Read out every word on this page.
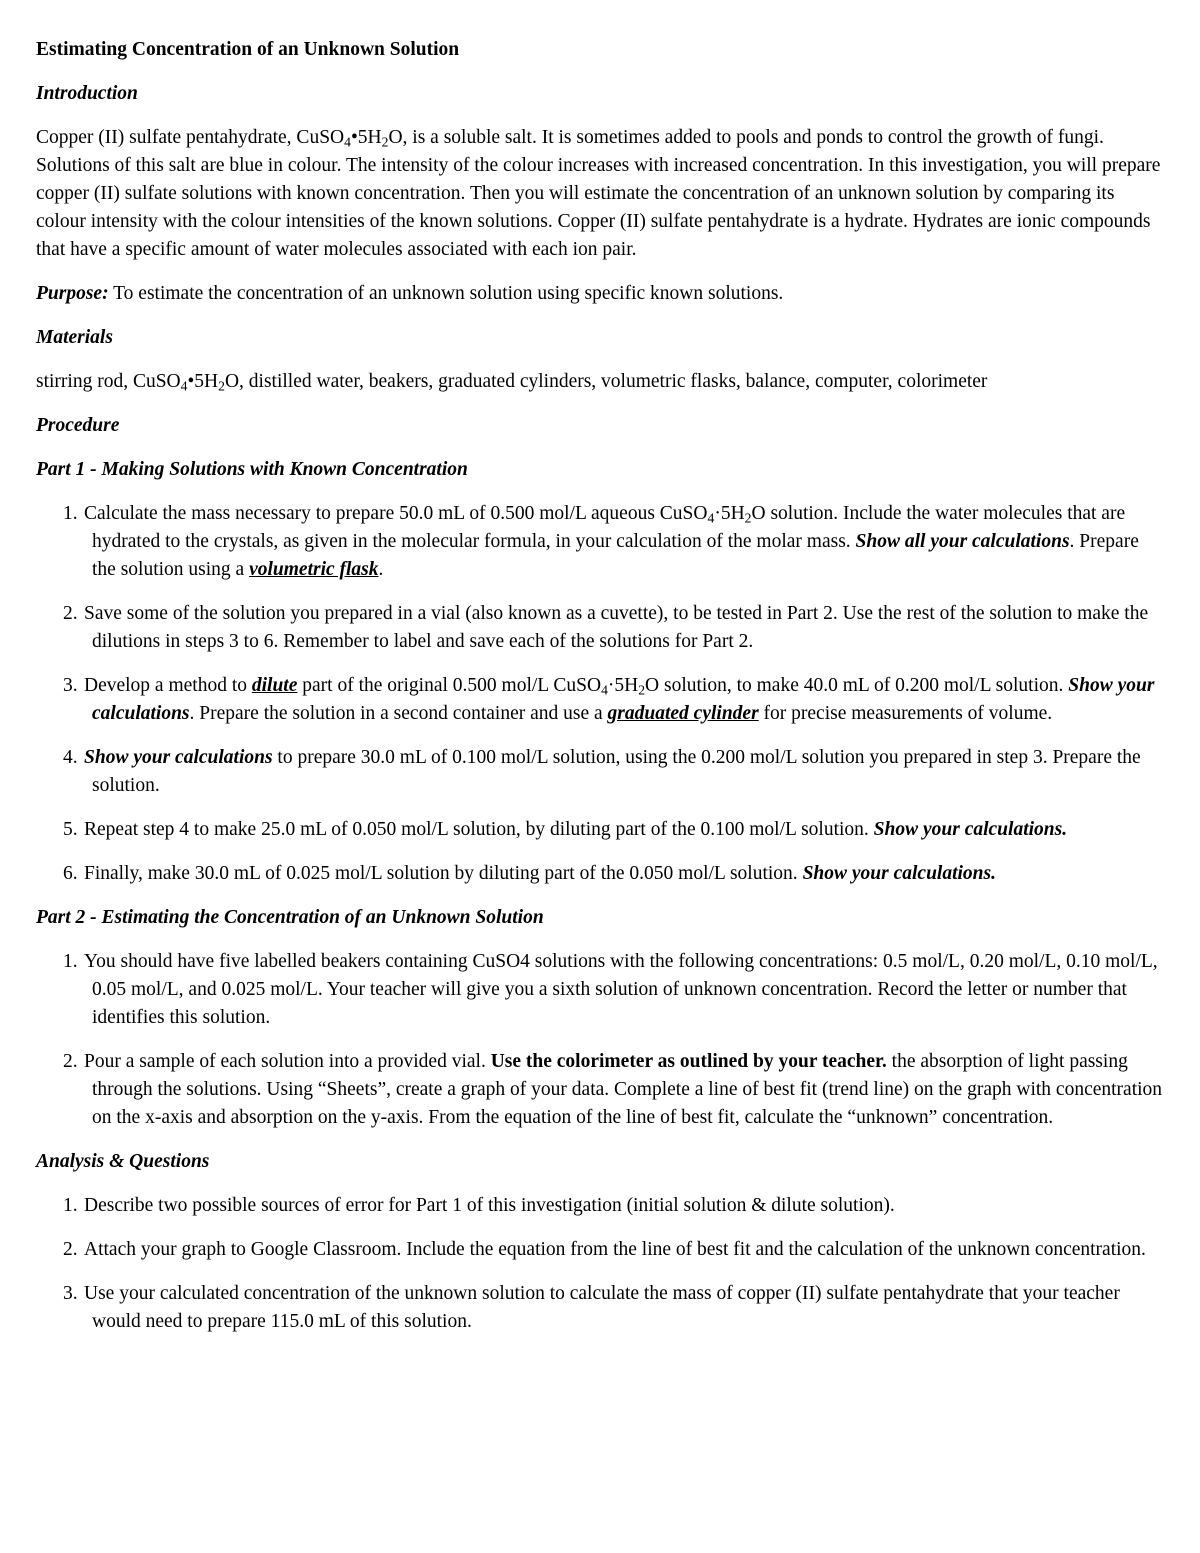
Estimating Concentration of an Unknown Solution
Introduction

Copper (II) sulfate pentahydrate, $CuSO_4•5H_2O$, is a soluble salt. It is sometimes added to pools and ponds to control the growth of fungi. Solutions of this salt are blue in colour. The intensity of the colour increases with increased concentration. In this investigation, you will prepare copper (II) sulfate solutions with known concentration. Then you will estimate the concentration of an unknown solution by comparing its colour intensity with the colour intensities of the known solutions. Copper (II) sulfate pentahydrate is a hydrate. Hydrates are ionic compounds that have a specific amount of water molecules associated with each ion pair.

Purpose: To estimate the concentration of an unknown solution using specific known solutions.

Materials

stirring rod, $CuSO_4•5H_2O$, distilled water, beakers, graduated cylinders, volumetric flasks, balance, computer, colorimeter

Procedure
Part 1 - Making Solutions with Known Concentration
1. Calculate the mass necessary to prepare 50.0 mL of 0.500 mol/L aqueous $CuSO_4\cdot 5H_2O$ solution. Include the water molecules that are hydrated to the crystals, as given in the molecular formula, in your calculation of the molar mass. Show all your calculations. Prepare the solution using a volumetric flask.
2. Save some of the solution you prepared in a vial (also known as a cuvette), to be tested in Part 2. Use the rest of the solution to make the dilutions in steps 3 to 6. Remember to label and save each of the solutions for Part 2.
3. Develop a method to dilute part of the original 0.500 mol/L $CuSO_4\cdot 5H_2O$ solution, to make 40.0 mL of 0.200 mol/L solution. Show your calculations. Prepare the solution in a second container and use a graduated cylinder for precise measurements of volume.
4. Show your calculations to prepare 30.0 mL of 0.100 mol/L solution, using the 0.200 mol/L solution you prepared in step 3. Prepare the solution.
5. Repeat step 4 to make 25.0 mL of 0.050 mol/L solution, by diluting part of the 0.100 mol/L solution. Show your calculations.
6. Finally, make 30.0 mL of 0.025 mol/L solution by diluting part of the 0.050 mol/L solution. Show your calculations.
Part 2 - Estimating the Concentration of an Unknown Solution
1. You should have five labelled beakers containing CuSO4 solutions with the following concentrations: 0.5 mol/L, 0.20 mol/L, 0.10 mol/L, 0.05 mol/L, and 0.025 mol/L. Your teacher will give you a sixth solution of unknown concentration. Record the letter or number that identifies this solution.
2. Pour a sample of each solution into a provided vial. Use the colorimeter as outlined by your teacher. the absorption of light passing through the solutions. Using “Sheets”, create a graph of your data. Complete a line of best fit (trend line) on the graph with concentration on the x-axis and absorption on the y-axis. From the equation of the line of best fit, calculate the “unknown” concentration.
Analysis & Questions
1. Describe two possible sources of error for Part 1 of this investigation (initial solution & dilute solution).
2. Attach your graph to Google Classroom. Include the equation from the line of best fit and the calculation of the unknown concentration.
3. Use your calculated concentration of the unknown solution to calculate the mass of copper (II) sulfate pentahydrate that your teacher would need to prepare 115.0 mL of this solution.
